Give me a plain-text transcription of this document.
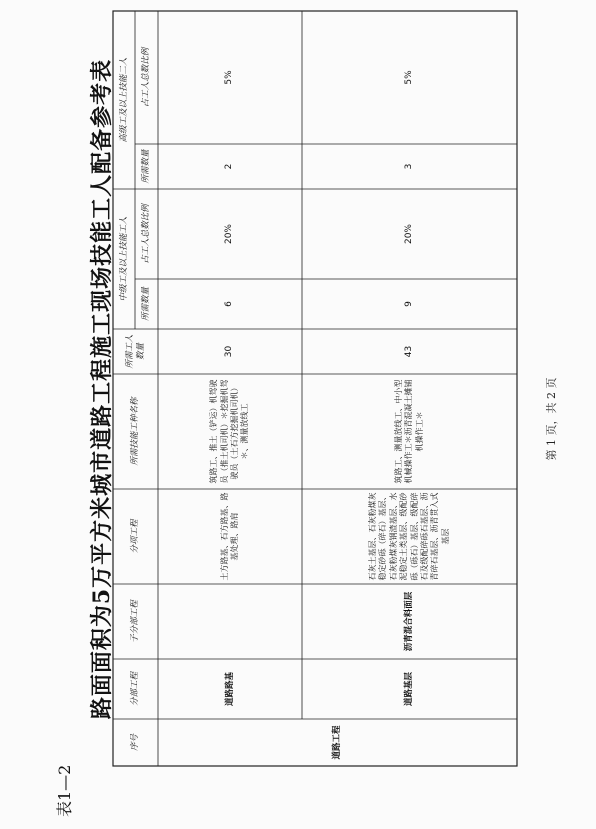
表1—2
路面面积为5万平方米城市道路工程施工现场技能工人配备参考表
序号
分部工程
子分部工程
分项工程
所需技能工种名称
所需工人数量
中级工及以上技能工人
所需数量
占工人总数比例
高级工及以上技能二人
所需数量
占工人总数比例
道路工程
道路路基
土方路基、石方路基、路基处理、路肩
筑路工、推土（铲运）机驾驶员（推土机司机）＊挖掘机驾驶员（土石方挖掘机司机）＊、测量放线工
30
6
20%
2
5%
道路基层
沥青混合料面层
石灰土基层、石灰粉煤灰稳定砂砾（碎石）基层、石灰粉煤灰钢渣基层、水泥稳定土类基层、级配砂砾（砾石）基层、级配碎石及级配碎砾石基层、沥青碎石基层、沥青贯入式基层
筑路工、测量放线工、中小型机械操作工＊沥青混凝土摊铺机操作工＊
43
9
20%
3
5%
第 1 页，共 2 页
